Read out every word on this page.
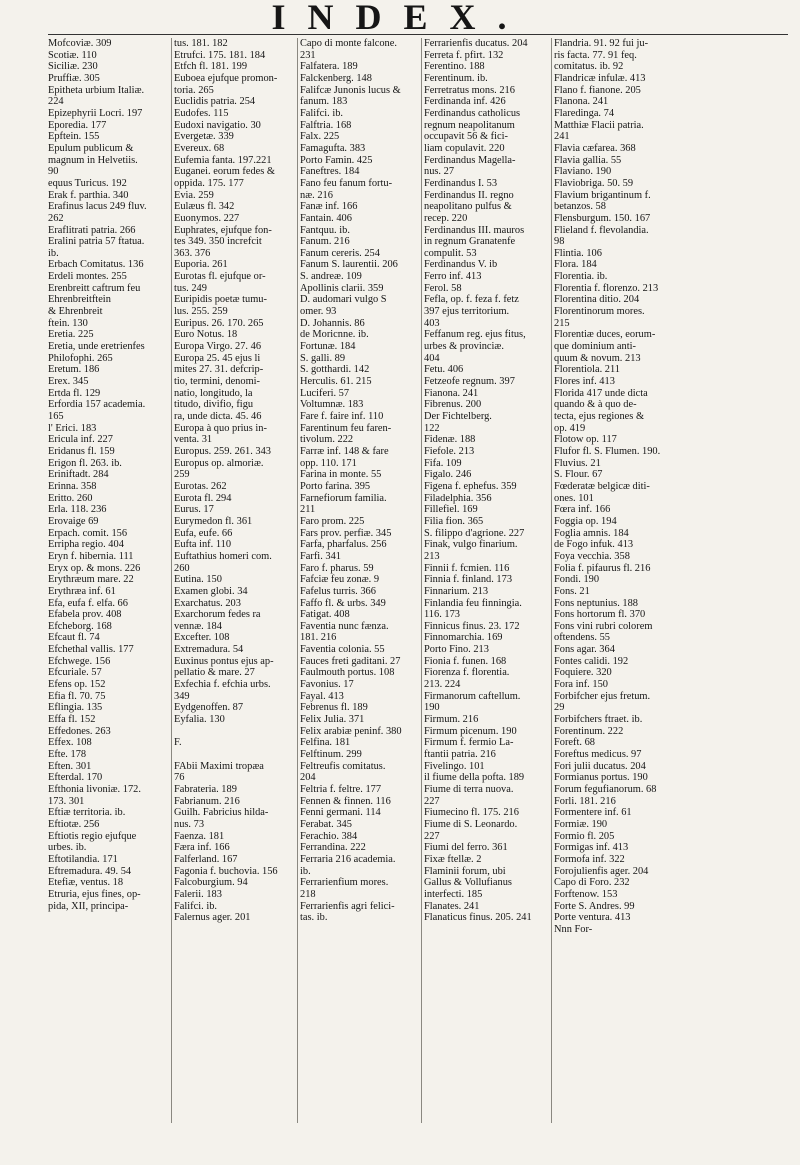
INDEX.
Mofcoviæ. 309
Scotiæ. 110
Siciliæ. 230
Pruffiæ. 305
Epitheta urbium Italiæ.
224
Epizephyrii Locri. 197
Eporedia. 177
Epftein. 155
Epulum publicum &
magnum in Helvetiis.
90
equus Turicus. 192
Erak f. parthia. 340
Erafinus lacus 249 fluv.
262
Eraflitrati patria. 266
Eralini patria 57 ftatua.
ib.
Erbach Comitatus. 136
Erdeli montes. 255
Erenbreitt caftrum feu
Ehrenbreitftein
& Ehrenbreit
ftein. 130
Eretia. 225
Eretia, unde eretrienfes
Philofophi. 265
Eretum. 186
Erex. 345
Ertda fl. 129
Erfordia 157 academia.
165
l' Erici. 183
Ericula inf. 227
Eridanus fl. 159
Erigon fl. 263. ib.
Eriniftadt. 284
Erinna. 358
Eritto. 260
Erla. 118. 236
Erovaige 69
Erpach. comit. 156
Erripha regio. 404
Eryn f. hibernia. 111
Eryx op. & mons. 226
Erythræum mare. 22
Erythræa inf. 61
Efa, eufa f. elfa. 66
Efabela prov. 408
Efcheborg. 168
Efcaut fl. 74
Efchethal vallis. 177
Efchwege. 156
Efcuriale. 57
Efens op. 152
Efia fl. 70. 75
Eflingia. 135
Effa fl. 152
Effedones. 263
Effex. 108
Efte. 178
Eften. 301
Efterdal. 170
Efthonia livoniæ. 172.
173. 301
Eftiæ territoria. ib.
Eftiotæ. 256
Eftiotis regio ejufque
urbes. ib.
Eftotilandia. 171
Eftremadura. 49. 54
Etefiæ, ventus. 18
Etruria, ejus fines, op-
pida, XII, principa-
tus. 181. 182
Etrufci. 175. 181. 184
Etfch fl. 181. 199
Euboea ejufque promon-
toria. 265
Euclidis patria. 254
Eudofes. 115
Eudoxi navigatio. 30
Evergetæ. 339
Evereux. 68
Eufemia fanta. 197.221
Euganei. eorum fedes &
oppida. 175. 177
Evia. 259
Eulæus fl. 342
Euonymos. 227
Euphrates, ejufque fon-
tes 349. 350 increfcit
363. 376
Euporia. 261
Eurotas fl. ejufque or-
tus. 249
Euripidis poetæ tumu-
lus. 255. 259
Euripus. 26. 170. 265
Euro Notus. 18
Europa Virgo. 27. 46
Europa 25. 45 ejus li
mites 27. 31. defcrip-
tio, termini, denomi-
natio, longitudo, la
titudo, divifio, figu
ra, unde dicta. 45. 46
Europa à quo prius in-
venta. 31
Europus. 259. 261. 343
Europus op. almoriæ.
259
Eurotas. 262
Eurota fl. 294
Eurus. 17
Eurymedon fl. 361
Eufa, eufe. 66
Eufta inf. 110
Euftathius homeri com.
260
Eutina. 150
Examen globi. 34
Exarchatus. 203
Exarchorum fedes ra
vennæ. 184
Excefter. 108
Extremadura. 54
Euxinus pontus ejus ap-
pellatio & mare. 27
Exfechia f. efchia urbs.
349
Eydgenoffen. 87
Eyfalia. 130

F.

FAbii Maximi tropæa
76
Fabrateria. 189
Fabrianum. 216
Guilh. Fabricius hilda-
nus. 73
Faenza. 181
Færa inf. 166
Falferland. 167
Fagonia f. buchovia. 156
Falcoburgium. 94
Falerii. 183
Falifci. ib.
Falernus ager. 201
Capo di monte falcone.
231
Falfatera. 189
Falckenberg. 148
Falifcæ Junonis lucus &
fanum. 183
Falifci. ib.
Falftria. 168
Falx. 225
Famagufta. 383
Porto Famin. 425
Faneftres. 184
Fano feu fanum fortu-
næ. 216
Fanæ inf. 166
Fantain. 406
Fantquu. ib.
Fanum. 216
Fanum cereris. 254
Fanum S. laurentii. 206
S. andreæ. 109
Apollinis clarii. 359
D. audomari vulgo S
omer. 93
D. Johannis. 86
de Moricnne. ib.
Fortunæ. 184
S. galli. 89
S. gotthardi. 142
Herculis. 61. 215
Luciferi. 57
Voltumnæ. 183
Fare f. faire inf. 110
Farentinum feu faren-
tivolum. 222
Farræ inf. 148 & fare
opp. 110. 171
Farina in monte. 55
Porto farina. 395
Farnefiorum familia.
211
Faro prom. 225
Fars prov. perfiæ. 345
Farfa, pharfalus. 256
Farfi. 341
Faro f. pharus. 59
Fafciæ feu zonæ. 9
Fafelus turris. 366
Faffo fl. & urbs. 349
Fatigat. 408
Faventia nunc fænza.
181. 216
Faventia colonia. 55
Fauces freti gaditani. 27
Faulmouth portus. 108
Favonius. 17
Fayal. 413
Febrenus fl. 189
Felix Julia. 371
Felix arabiæ peninf. 380
Felfina. 181
Felftinum. 299
Feltreufis comitatus.
204
Feltria f. feltre. 177
Fennen & finnen. 116
Fenni germani. 114
Ferabat. 345
Ferachio. 384
Ferrandina. 222
Ferraria 216 academia.
ib.
Ferrarienfium mores.
218
Ferrarienfis agri felici-
tas. ib.
Ferrarienfis ducatus. 204
Ferreta f. pfirt. 132
Ferentino. 188
Ferentinum. ib.
Ferretratus mons. 216
Ferdinanda inf. 426
Ferdinandus catholicus
regnum neapolitanum
occupavit 56 & fici-
liam copulavit. 220
Ferdinandus Magella-
nus. 27
Ferdinandus I. 53
Ferdinandus II. regno
neapolitano pulfus &
recep. 220
Ferdinandus III. mauros
in regnum Granatenfe
compulit. 53
Ferdinandus V. ib
Ferro inf. 413
Ferol. 58
Fefla, op. f. feza f. fetz
397 ejus territorium.
403
Feffanum reg. ejus fitus,
urbes & provinciæ.
404
Fetu. 406
Fetzeofe regnum. 397
Fianona. 241
Fibrenus. 200
Der Fichtelberg.
122
Fidenæ. 188
Fiefole. 213
Fifa. 109
Figalo. 246
Figena f. ephefus. 359
Filadelphia. 356
Fillefiel. 169
Filia fion. 365
S. filippo d'agrione. 227
Finak, vulgo finarium.
213
Finnii f. fcmien. 116
Finnia f. finland. 173
Finnarium. 213
Finlandia feu finningia.
116. 173
Finnicus finus. 23. 172
Finnomarchia. 169
Porto Fino. 213
Fionia f. funen. 168
Fiorenza f. florentia.
213. 224
Firmanorum caftellum.
190
Firmum. 216
Firmum picenum. 190
Firmum f. fermio La-
ftantii patria. 216
Fivelingo. 101
il fiume della pofta. 189
Fiume di terra nuova.
227
Fiumecino fl. 175. 216
Fiume di S. Leonardo.
227
Fiumi del ferro. 361
Fixæ ftellæ. 2
Flaminii forum, ubi
Gallus & Vollufianus
interfecti. 185
Flanates. 241
Flanaticus finus. 205. 241
Flandria. 91. 92 fui ju-
ris facta. 77. 91 feq.
comitatus. ib. 92
Flandricæ infulæ. 413
Flano f. fianone. 205
Flanona. 241
Flaredinga. 74
Matthiæ Flacii patria.
241
Flavia cæfarea. 368
Flavia gallia. 55
Flaviano. 190
Flaviobriga. 50. 59
Flavium brigantinum f.
betanzos. 58
Flensburgum. 150. 167
Flieland f. flevolandia.
98
Flintia. 106
Flora. 184
Florentia. ib.
Florentia f. florenzo. 213
Florentina ditio. 204
Florentinorum mores.
215
Florentiæ duces, eorum-
que dominium anti-
quum & novum. 213
Florentiola. 211
Flores inf. 413
Florida 417 unde dicta
quando & à quo de-
tecta, ejus regiones &
op. 419
Flotow op. 117
Flufor fl. S. Flumen. 190.
Fluvius. 21
S. Flour. 67
Fœderatæ belgicæ diti-
ones. 101
Fœra inf. 166
Foggia op. 194
Foglia amnis. 184
de Fogo infuk. 413
Foya vecchia. 358
Folia f. pifaurus fl. 216
Fondi. 190
Fons. 21
Fons neptunius. 188
Fons hortorum fl. 370
Fons vini rubri colorem
oftendens. 55
Fons agar. 364
Fontes calidi. 192
Foquiere. 320
Fora inf. 150
Forbifcher ejus fretum.
29
Forbifchers ftraet. ib.
Forentinum. 222
Foreft. 68
Foreftus medicus. 97
Fori julii ducatus. 204
Formianus portus. 190
Forum fegufianorum. 68
Forli. 181. 216
Formentere inf. 61
Formiæ. 190
Formio fl. 205
Formigas inf. 413
Formofa inf. 322
Forojulienfis ager. 204
Capo di Foro. 232
Forftenow. 153
Forte S. Andres. 99
Porte ventura. 413
Nnn For-
